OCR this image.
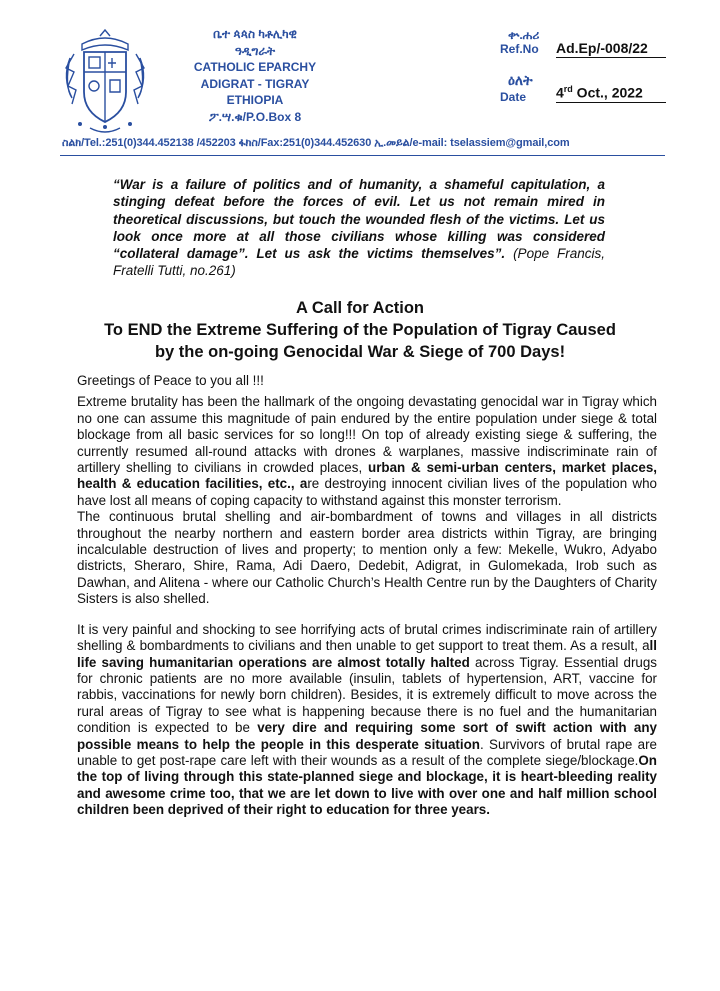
ቤተ ጳጳስ ካቶሊካዊ
ዓዲግራት
CATHOLIC EPARCHY
ADIGRAT - TIGRAY
ETHIOPIA
ፖ.ሣ.ቁ/P.O.Box 8
ቍ.ሐሪ
Ref.No Ad.Ep/-008/22
ዕለት
Date 4rd Oct., 2022
ስልክ/Tel.:251(0)344.452138 /452203 ፋክስ/Fax:251(0)344.452630 ኢ.መይል/e-mail: tselassiem@gmail,com
“War is a failure of politics and of humanity, a shameful capitulation, a stinging defeat before the forces of evil. Let us not remain mired in theoretical discussions, but touch the wounded flesh of the victims. Let us look once more at all those civilians whose killing was considered “collateral damage”. Let us ask the victims themselves”. (Pope Francis, Fratelli Tutti, no.261)
A Call for Action
To END the Extreme Suffering of the Population of Tigray Caused
by the on-going Genocidal War & Siege of 700 Days!

Greetings of Peace to you all !!!

Extreme brutality has been the hallmark of the ongoing devastating genocidal war in Tigray which no one can assume this magnitude of pain endured by the entire population under siege & total blockage from all basic services for so long!!! On top of already existing siege & suffering, the currently resumed all-round attacks with drones & warplanes, massive indiscriminate rain of artillery shelling to civilians in crowded places, urban & semi-urban centers, market places, health & education facilities, etc., are destroying innocent civilian lives of the population who have lost all means of coping capacity to withstand against this monster terrorism.

The continuous brutal shelling and air-bombardment of towns and villages in all districts throughout the nearby northern and eastern border area districts within Tigray, are bringing incalculable destruction of lives and property; to mention only a few: Mekelle, Wukro, Adyabo districts, Sheraro, Shire, Rama, Adi Daero, Dedebit, Adigrat, in Gulomekada, Irob such as Dawhan, and Alitena - where our Catholic Church’s Health Centre run by the Daughters of Charity Sisters is also shelled.

It is very painful and shocking to see horrifying acts of brutal crimes indiscriminate rain of artillery shelling & bombardments to civilians and then unable to get support to treat them. As a result, all life saving humanitarian operations are almost totally halted across Tigray. Essential drugs for chronic patients are no more available (insulin, tablets of hypertension, ART, vaccine for rabbis, vaccinations for newly born children). Besides, it is extremely difficult to move across the rural areas of Tigray to see what is happening because there is no fuel and the humanitarian condition is expected to be very dire and requiring some sort of swift action with any possible means to help the people in this desperate situation. Survivors of brutal rape are unable to get post-rape care left with their wounds as a result of the complete siege/blockage.On the top of living through this state-planned siege and blockage, it is heart-bleeding reality and awesome crime too, that we are let down to live with over one and half million school children been deprived of their right to education for three years.
